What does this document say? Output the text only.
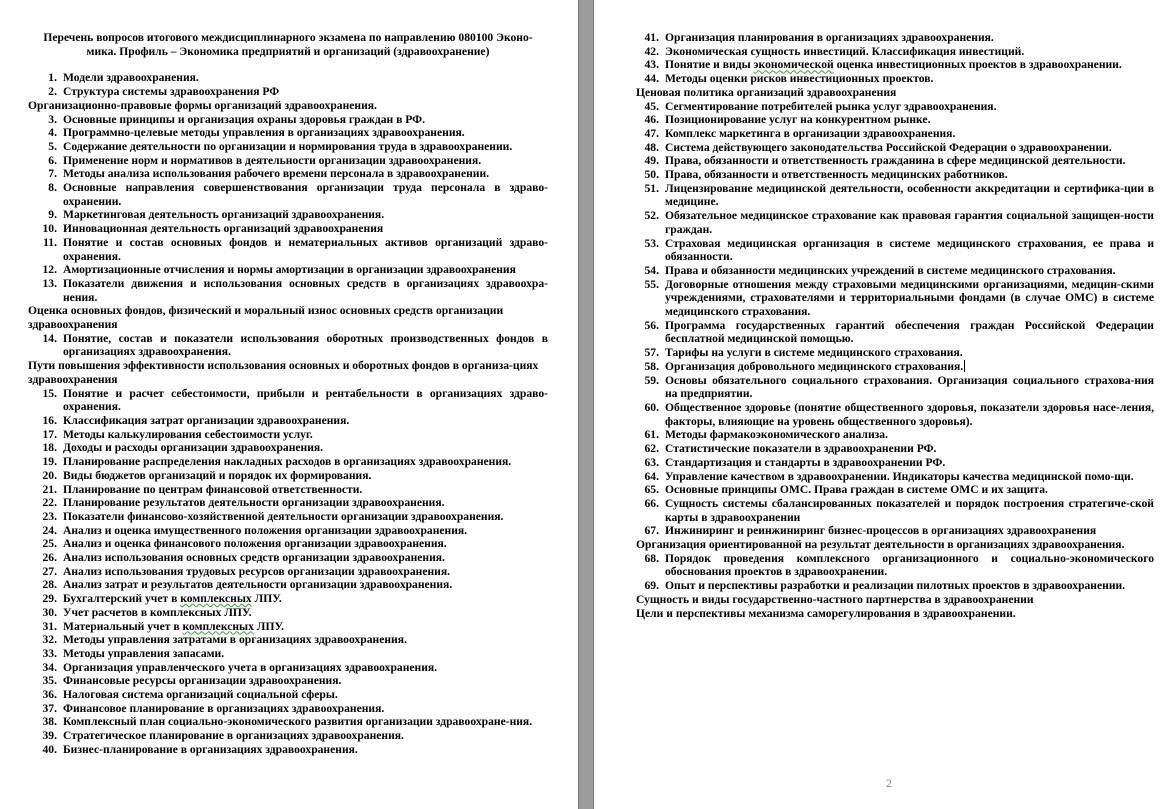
Перечень вопросов итогового междисциплинарного экзамена по направлению 080100 Эконо-мика. Профиль – Экономика предприятий и организаций (здравоохранение)
1. Модели здравоохранения.
2. Структура системы здравоохранения РФ
Организационно-правовые формы организаций здравоохранения.
3. Основные принципы и организация охраны здоровья граждан в РФ.
4. Программно-целевые методы управления в организациях здравоохранения.
5. Содержание деятельности по организации и нормирования труда в здравоохранении.
6. Применение норм и нормативов в деятельности организации здравоохранения.
7. Методы анализа использования рабочего времени персонала в здравоохранении.
8. Основные направления совершенствования организации труда персонала в здраво-охранении.
9. Маркетинговая деятельность организаций здравоохранения.
10. Инновационная деятельность организаций здравоохранения
11. Понятие и состав основных фондов и нематериальных активов организаций здраво-охранения.
12. Амортизационные отчисления и нормы амортизации в организации здравоохранения
13. Показатели движения и использования основных средств в организациях здравоохра-нения.
Оценка основных фондов, физический и моральный износ основных средств организации здравоохранения
14. Понятие, состав и показатели использования оборотных производственных фондов в организациях здравоохранения.
Пути повышения эффективности использования основных и оборотных фондов в организа-циях здравоохранения
15. Понятие и расчет себестоимости, прибыли и рентабельности в организациях здраво-охранения.
16. Классификация затрат организации здравоохранения.
17. Методы калькулирования себестоимости услуг.
18. Доходы и расходы организации здравоохранения.
19. Планирование распределения накладных расходов в организациях здравоохранения.
20. Виды бюджетов организаций и порядок их формирования.
21. Планирование по центрам финансовой ответственности.
22. Планирование результатов деятельности организации здравоохранения.
23. Показатели финансово-хозяйственной деятельности организации здравоохранения.
24. Анализ и оценка имущественного положения организации здравоохранения.
25. Анализ и оценка финансового положения организации здравоохранения.
26. Анализ использования основных средств организации здравоохранения.
27. Анализ использования трудовых ресурсов организации здравоохранения.
28. Анализ затрат и результатов деятельности организации здравоохранения.
29. Бухгалтерский учет в комплексных ЛПУ.
30. Учет расчетов в комплексных ЛПУ.
31. Материальный учет в комплексных ЛПУ.
32. Методы управления затратами в организациях здравоохранения.
33. Методы управления запасами.
34. Организация управленческого учета в организациях здравоохранения.
35. Финансовые ресурсы организации здравоохранения.
36. Налоговая система организаций социальной сферы.
37. Финансовое планирование в организациях здравоохранения.
38. Комплексный план социально-экономического развития организации здравоохране-ния.
39. Стратегическое планирование в организациях здравоохранения.
40. Бизнес-планирование в организациях здравоохранения.
41. Организация планирования в организациях здравоохранения.
42. Экономическая сущность инвестиций. Классификация инвестиций.
43. Понятие и виды экономической оценка инвестиционных проектов в здравоохранении.
44. Методы оценки рисков инвестиционных проектов.
Ценовая политика организаций здравоохранения
45. Сегментирование потребителей рынка услуг здравоохранения.
46. Позиционирование услуг на конкурентном рынке.
47. Комплекс маркетинга в организации здравоохранения.
48. Система действующего законодательства Российской Федерации о здравоохранении.
49. Права, обязанности и ответственность гражданина в сфере медицинской деятельности.
50. Права, обязанности и ответственность медицинских работников.
51. Лицензирование медицинской деятельности, особенности аккредитации и сертифика-ции в медицине.
52. Обязательное медицинское страхование как правовая гарантия социальной защищен-ности граждан.
53. Страховая медицинская организация в системе медицинского страхования, ее права и обязанности.
54. Права и обязанности медицинских учреждений в системе медицинского страхования.
55. Договорные отношения между страховыми медицинскими организациями, медицин-скими учреждениями, страхователями и территориальными фондами (в случае ОМС) в системе медицинского страхования.
56. Программа государственных гарантий обеспечения граждан Российской Федерации бесплатной медицинской помощью.
57. Тарифы на услуги в системе медицинского страхования.
58. Организация добровольного медицинского страхования.
59. Основы обязательного социального страхования. Организация социального страхова-ния на предприятии.
60. Общественное здоровье (понятие общественного здоровья, показатели здоровья насе-ления, факторы, влияющие на уровень общественного здоровья).
61. Методы фармакоэкономического анализа.
62. Статистические показатели в здравоохранении РФ.
63. Стандартизация и стандарты в здравоохранении РФ.
64. Управление качеством в здравоохранении. Индикаторы качества медицинской помо-щи.
65. Основные принципы ОМС. Права граждан в системе ОМС и их защита.
66. Сущность системы сбалансированных показателей и порядок построения стратегиче-ской карты в здравоохранении
67. Инжиниринг и реинжиниринг бизнес-процессов в организациях здравоохранения
Организация ориентированной на результат деятельности в организациях здравоохранения.
68. Порядок проведения комплексного организационного и социально-экономического обоснования проектов в здравоохранении.
69. Опыт и перспективы разработки и реализации пилотных проектов в здравоохранении.
Сущность и виды государственно-частного партнерства в здравоохранении
Цели и перспективы механизма саморегулирования в здравоохранении.
2
